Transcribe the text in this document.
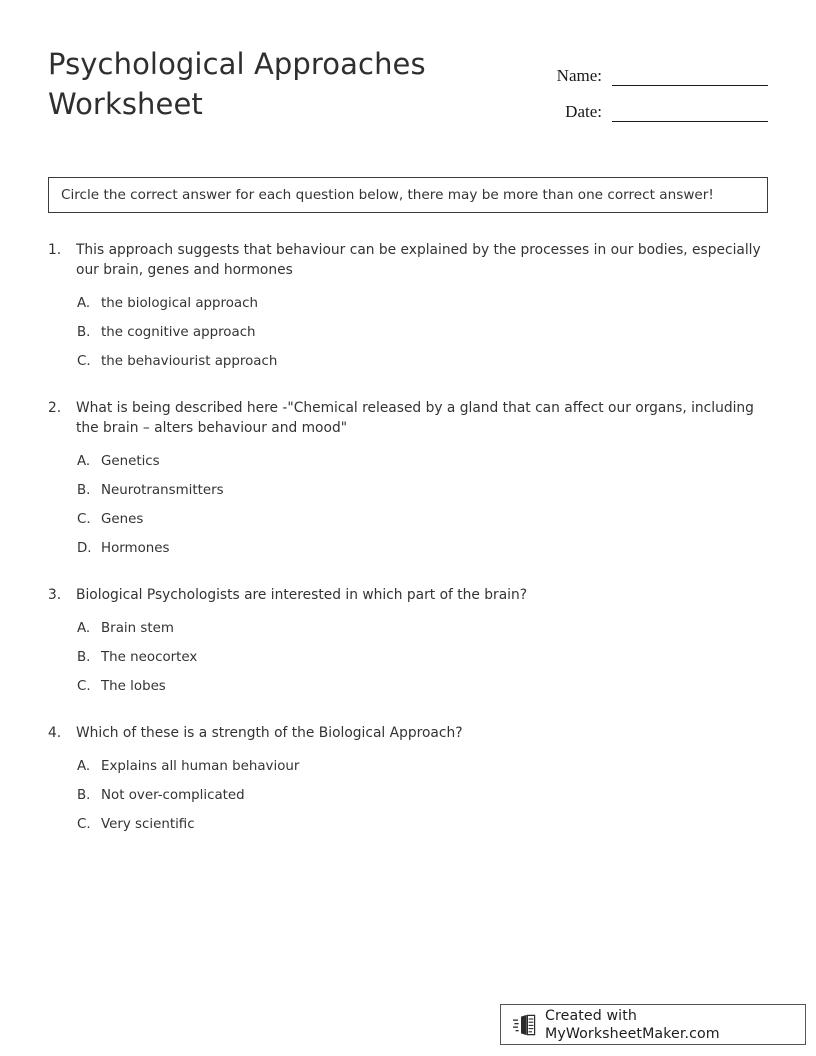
Psychological Approaches Worksheet
Name:
Date:
Circle the correct answer for each question below, there may be more than one correct answer!
1.	This approach suggests that behaviour can be explained by the processes in our bodies, especially our brain, genes and hormones
A. the biological approach
B. the cognitive approach
C. the behaviourist approach
2.	What is being described here -"Chemical released by a gland that can affect our organs, including the brain – alters behaviour and mood"
A. Genetics
B. Neurotransmitters
C. Genes
D. Hormones
3.	Biological Psychologists are interested in which part of the brain?
A. Brain stem
B. The neocortex
C. The lobes
4.	Which of these is a strength of the Biological Approach?
A. Explains all human behaviour
B. Not over-complicated
C. Very scientific
Created with MyWorksheetMaker.com
